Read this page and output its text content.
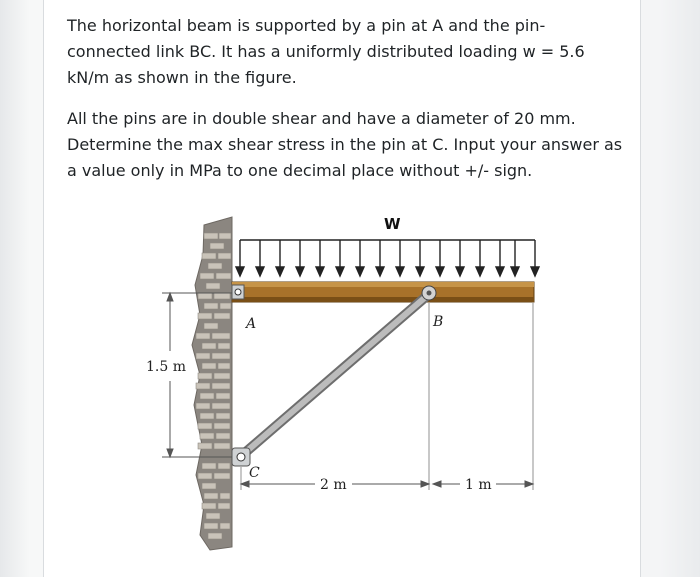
The horizontal beam is supported by a pin at A and the pin-connected link BC. It has a uniformly distributed loading w = 5.6 kN/m as shown in the figure.

All the pins are in double shear and have a diameter of 20 mm. Determine the max shear stress in the pin at C. Input your answer as a value only in MPa to one decimal place without +/- sign.

W
A	B
C
1.5 m
2 m	1 m
